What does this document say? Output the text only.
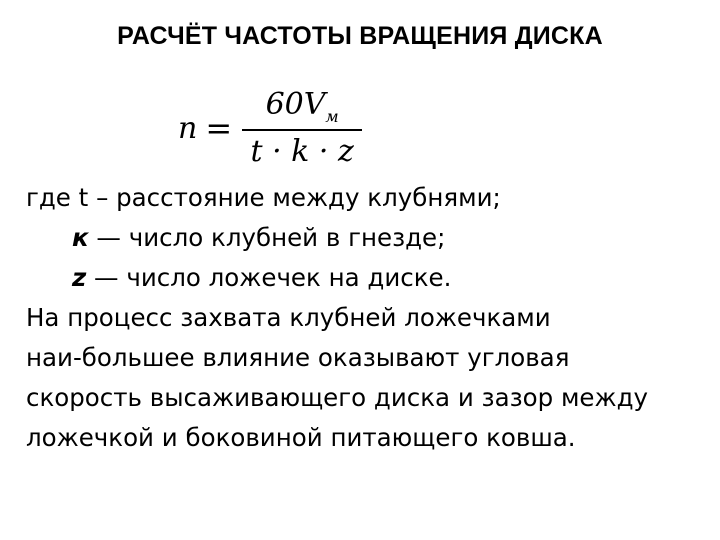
РАСЧЁТ ЧАСТОТЫ ВРАЩЕНИЯ ДИСКА
$n = \frac{60V_м}{t \cdot k \cdot z}$
где t – расстояние между клубнями;
к — число клубней в гнезде;
z — число ложечек на диске.
На процесс захвата клубней ложечками
наи-большее влияние оказывают угловая
скорость высаживающего диска и зазор между
ложечкой и боковиной питающего ковша.
